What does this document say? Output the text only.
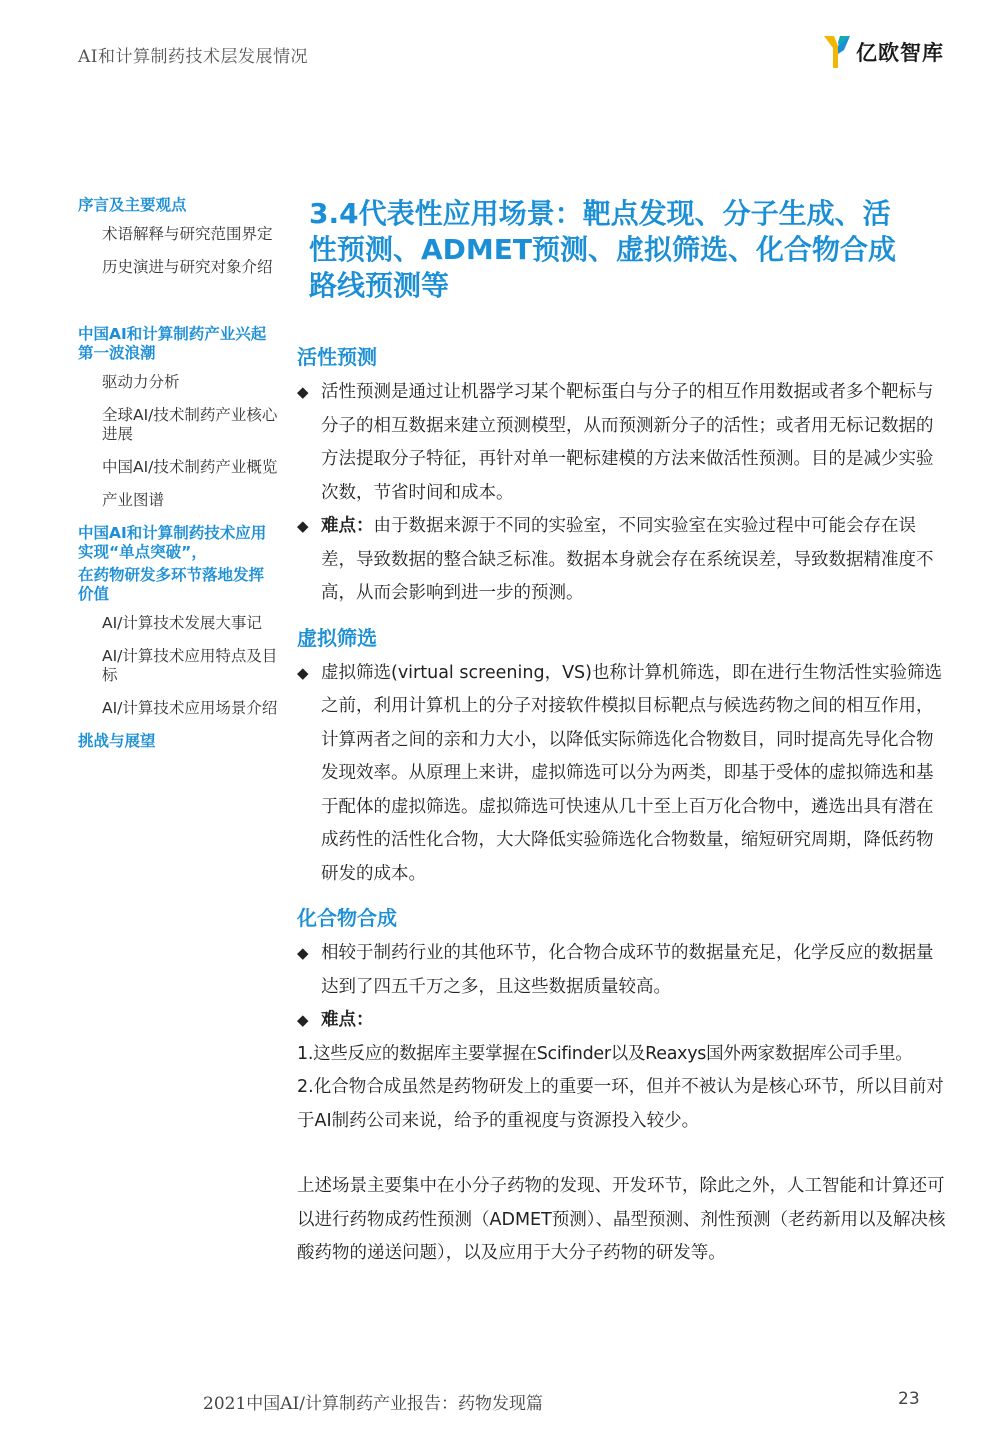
AI和计算制药技术层发展情况	亿欧智库
序言及主要观点
术语解释与研究范围界定
历史演进与研究对象介绍
中国AI和计算制药产业兴起第一波浪潮
驱动力分析
全球AI/技术制药产业核心进展
中国AI/技术制药产业概览
产业图谱
中国AI和计算制药技术应用实现“单点突破”，
在药物研发多环节落地发挥价值
AI/计算技术发展大事记
AI/计算技术应用特点及目标
AI/计算技术应用场景介绍
挑战与展望
3.4代表性应用场景：靶点发现、分子生成、活性预测、ADMET预测、虚拟筛选、化合物合成路线预测等
活性预测
◆ 活性预测是通过让机器学习某个靶标蛋白与分子的相互作用数据或者多个靶标与分子的相互数据来建立预测模型，从而预测新分子的活性；或者用无标记数据的方法提取分子特征，再针对单一靶标建模的方法来做活性预测。目的是减少实验次数，节省时间和成本。
◆ 难点：由于数据来源于不同的实验室，不同实验室在实验过程中可能会存在误差，导致数据的整合缺乏标准。数据本身就会存在系统误差，导致数据精准度不高，从而会影响到进一步的预测。
虚拟筛选
◆ 虚拟筛选(virtual screening，VS)也称计算机筛选，即在进行生物活性实验筛选之前，利用计算机上的分子对接软件模拟目标靶点与候选药物之间的相互作用，计算两者之间的亲和力大小，以降低实际筛选化合物数目，同时提高先导化合物发现效率。从原理上来讲，虚拟筛选可以分为两类，即基于受体的虚拟筛选和基于配体的虚拟筛选。虚拟筛选可快速从几十至上百万化合物中，遴选出具有潜在成药性的活性化合物，大大降低实验筛选化合物数量，缩短研究周期，降低药物研发的成本。
化合物合成
◆ 相较于制药行业的其他环节，化合物合成环节的数据量充足，化学反应的数据量达到了四五千万之多，且这些数据质量较高。
◆ 难点：

1.这些反应的数据库主要掌握在Scifinder以及Reaxys国外两家数据库公司手里。

2.化合物合成虽然是药物研发上的重要一环，但并不被认为是核心环节，所以目前对于AI制药公司来说，给予的重视度与资源投入较少。

上述场景主要集中在小分子药物的发现、开发环节，除此之外，人工智能和计算还可以进行药物成药性预测（ADMET预测）、晶型预测、剂性预测（老药新用以及解决核酸药物的递送问题），以及应用于大分子药物的研发等。

2021中国AI/计算制药产业报告：药物发现篇	23
